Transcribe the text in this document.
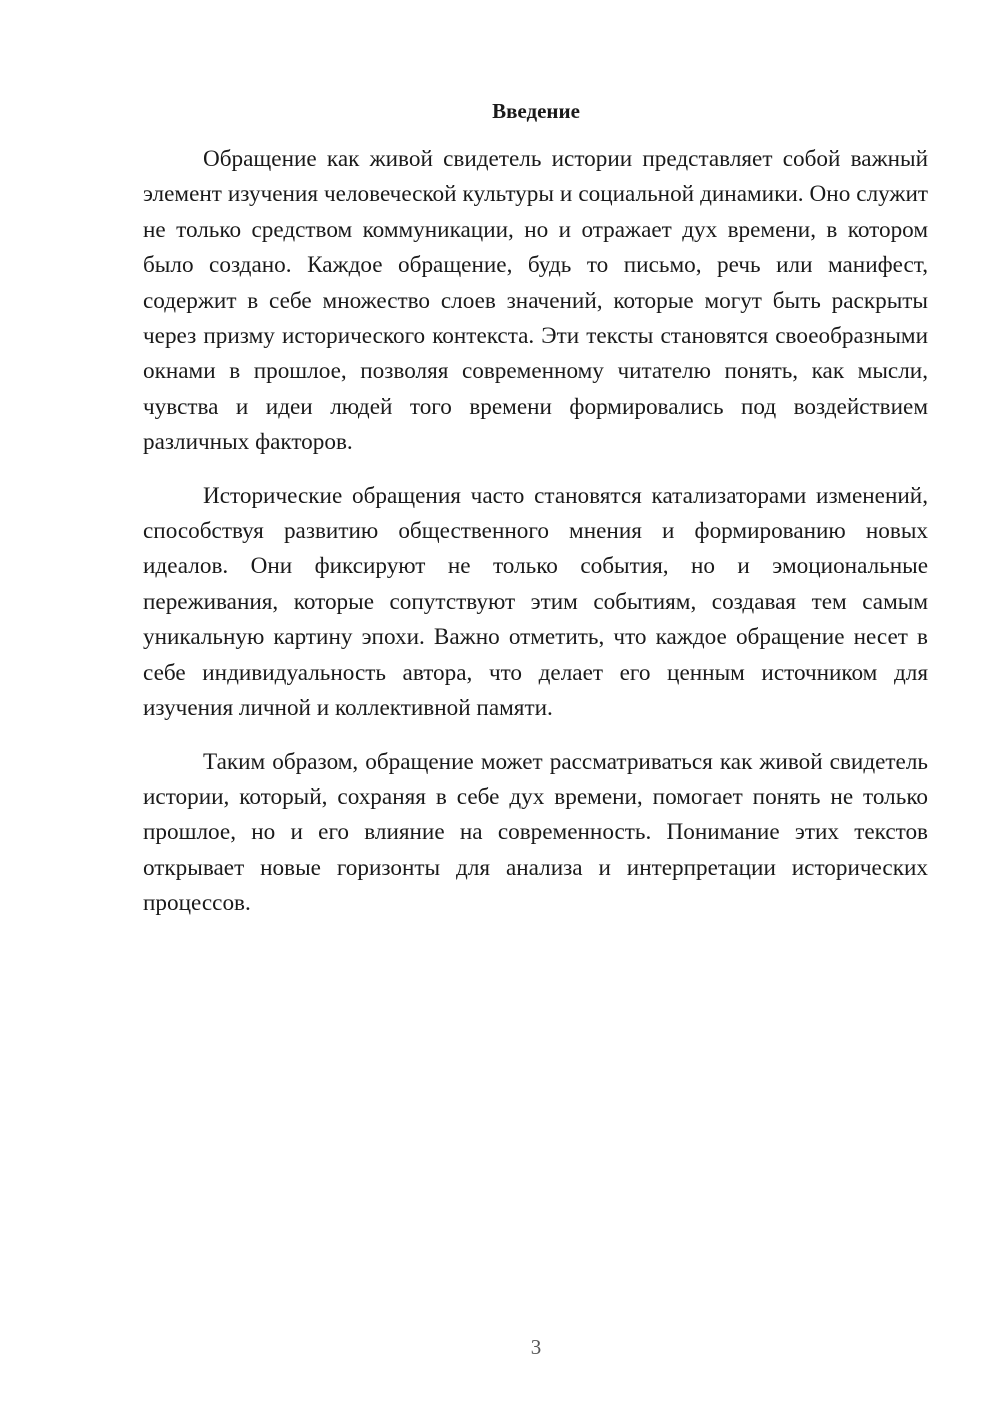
Введение

Обращение как живой свидетель истории представляет собой важный элемент изучения человеческой культуры и социальной динамики. Оно служит не только средством коммуникации, но и отражает дух времени, в котором было создано. Каждое обращение, будь то письмо, речь или манифест, содержит в себе множество слоев значений, которые могут быть раскрыты через призму исторического контекста. Эти тексты становятся своеобразными окнами в прошлое, позволяя современному читателю понять, как мысли, чувства и идеи людей того времени формировались под воздействием различных факторов.

Исторические обращения часто становятся катализаторами изменений, способствуя развитию общественного мнения и формированию новых идеалов. Они фиксируют не только события, но и эмоциональные переживания, которые сопутствуют этим событиям, создавая тем самым уникальную картину эпохи. Важно отметить, что каждое обращение несет в себе индивидуальность автора, что делает его ценным источником для изучения личной и коллективной памяти.

Таким образом, обращение может рассматриваться как живой свидетель истории, который, сохраняя в себе дух времени, помогает понять не только прошлое, но и его влияние на современность. Понимание этих текстов открывает новые горизонты для анализа и интерпретации исторических процессов.

3
